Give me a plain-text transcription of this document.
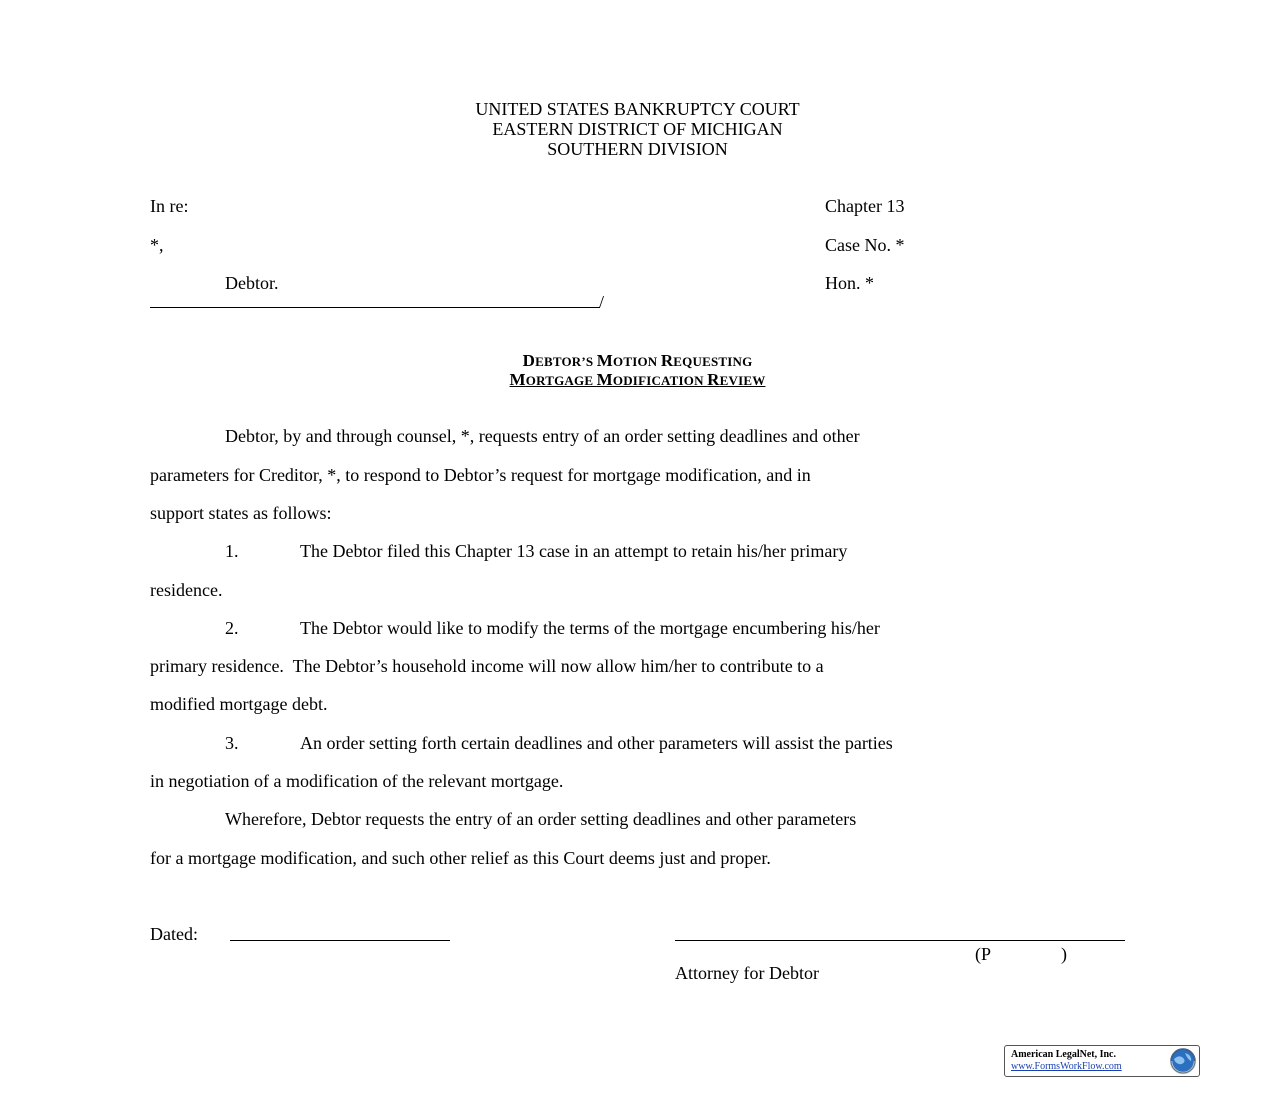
UNITED STATES BANKRUPTCY COURT
EASTERN DISTRICT OF MICHIGAN
SOUTHERN DIVISION
In re:
*,
Debtor.
/
Chapter 13
Case No. *
Hon. *
DEBTOR’S MOTION REQUESTING
MORTGAGE MODIFICATION REVIEW
Debtor, by and through counsel, *, requests entry of an order setting deadlines and other
parameters for Creditor, *, to respond to Debtor’s request for mortgage modification, and in
support states as follows:
1.	The Debtor filed this Chapter 13 case in an attempt to retain his/her primary
residence.
2.	The Debtor would like to modify the terms of the mortgage encumbering his/her
primary residence.  The Debtor’s household income will now allow him/her to contribute to a
modified mortgage debt.
3.	An order setting forth certain deadlines and other parameters will assist the parties
in negotiation of a modification of the relevant mortgage.
Wherefore, Debtor requests the entry of an order setting deadlines and other parameters
for a mortgage modification, and such other relief as this Court deems just and proper.
Dated:
(P	)
Attorney for Debtor
American LegalNet, Inc.
www.FormsWorkFlow.com
